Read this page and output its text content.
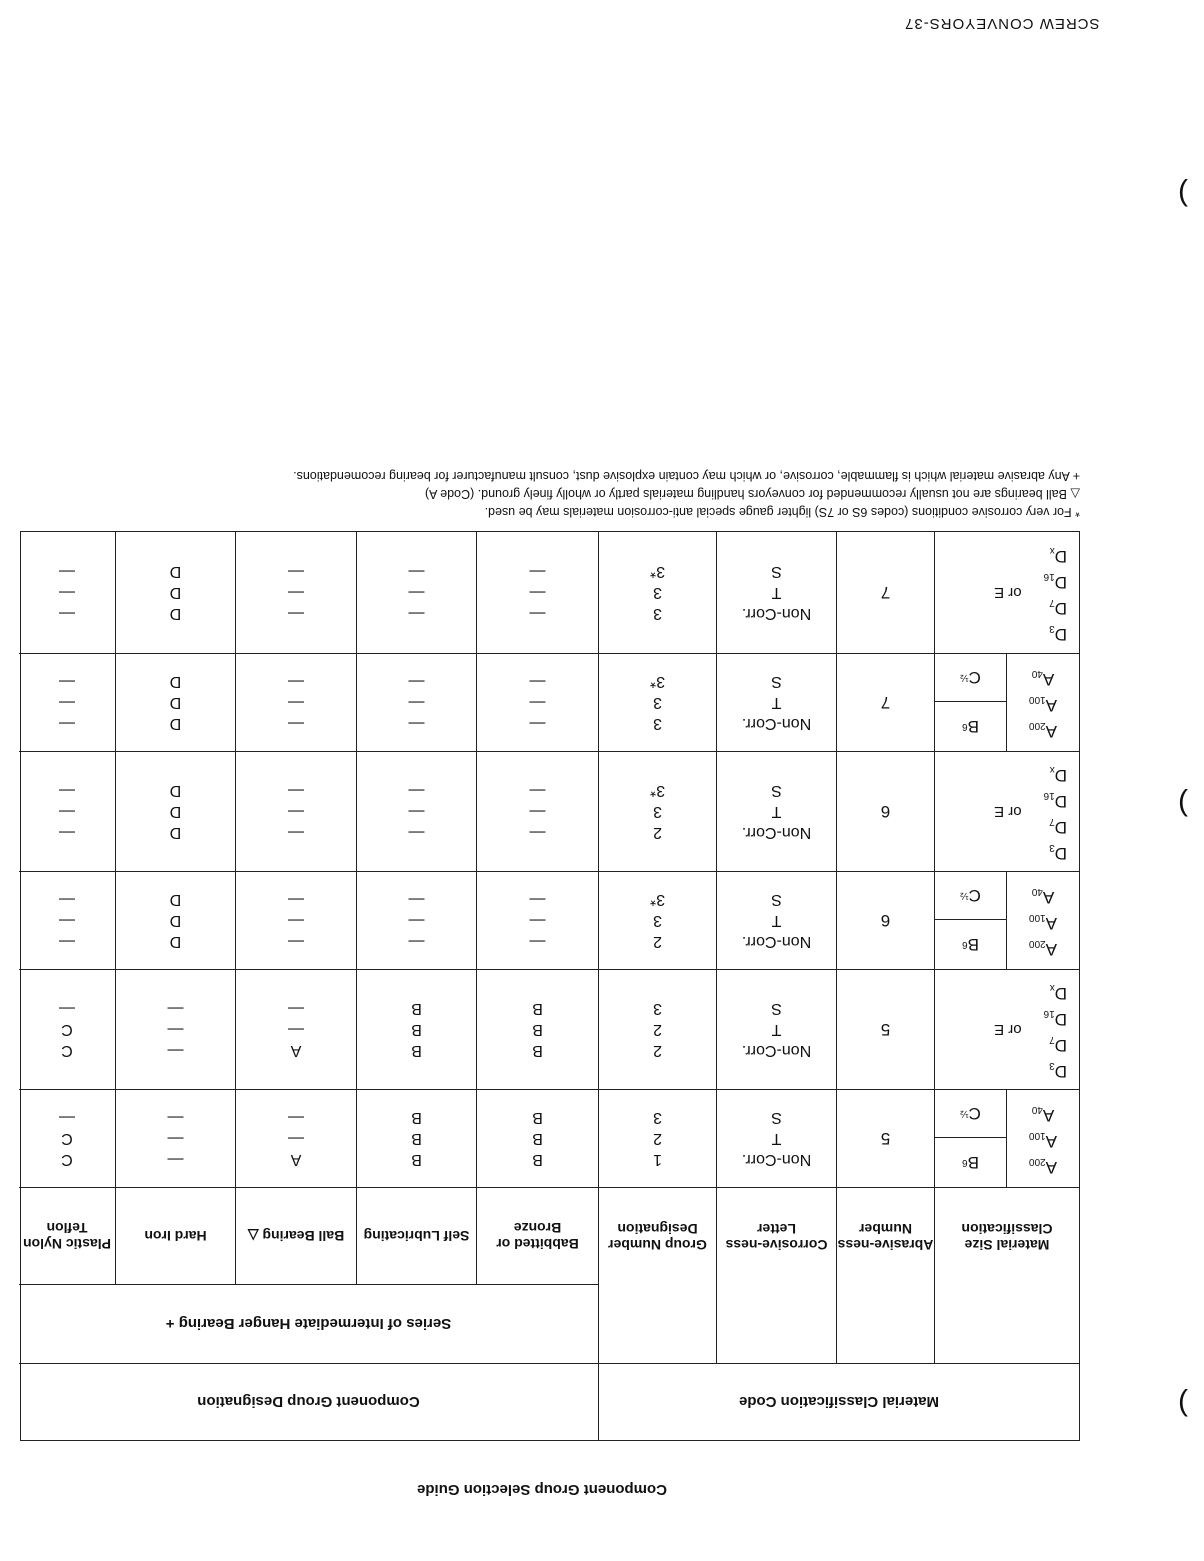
SCREW CONVEYORS-37
Component Group Selection Guide
)
)
)
Material Classification Code
Component Group Designation
Series of Intermediate Hanger Bearing +
Material Size Classification
Abrasive-ness Number
Corrosive-ness Letter
Group Number Designation
Babbitted or Bronze
Self Lubricating
Ball Bearing △
Hard Iron
Plastic Nylon Teflon
$A_{200}$
$A_{100}$
$A_{40}$
B
6
C
½
5
Non-Corr.
T
S
1
2
3
B
B
B
B
B
B
A
—
—
—
—
—
C
C
—
$D_3$
$D_7$
$D_{16}$
$D_x$
or E
5
Non-Corr.
T
S
2
2
3
B
B
B
B
B
B
A
—
—
—
—
—
C
C
—
$A_{200}$
$A_{100}$
$A_{40}$
B
6
C
½
6
Non-Corr.
T
S
2
3
3*
—
—
—
—
—
—
—
—
—
D
D
D
—
—
—
$D_3$
$D_7$
$D_{16}$
$D_x$
or E
6
Non-Corr.
T
S
2
3
3*
—
—
—
—
—
—
—
—
—
D
D
D
—
—
—
$A_{200}$
$A_{100}$
$A_{40}$
B
6
C
½
7
Non-Corr.
T
S
3
3
3*
—
—
—
—
—
—
—
—
—
D
D
D
—
—
—
$D_3$
$D_7$
$D_{16}$
$D_x$
or E
7
Non-Corr.
T
S
3
3
3*
—
—
—
—
—
—
—
—
—
D
D
D
—
—
—
* For very corrosive conditions (codes 6S or 7S) lighter gauge special anti-corrosion materials may be used.
△ Ball bearings are not usually recommended for conveyors handling materials partly or wholly finely ground. (Code A)
+ Any abrasive material which is flammable, corrosive, or which may contain explosive dust, consult manufacturer for bearing recomendations.
